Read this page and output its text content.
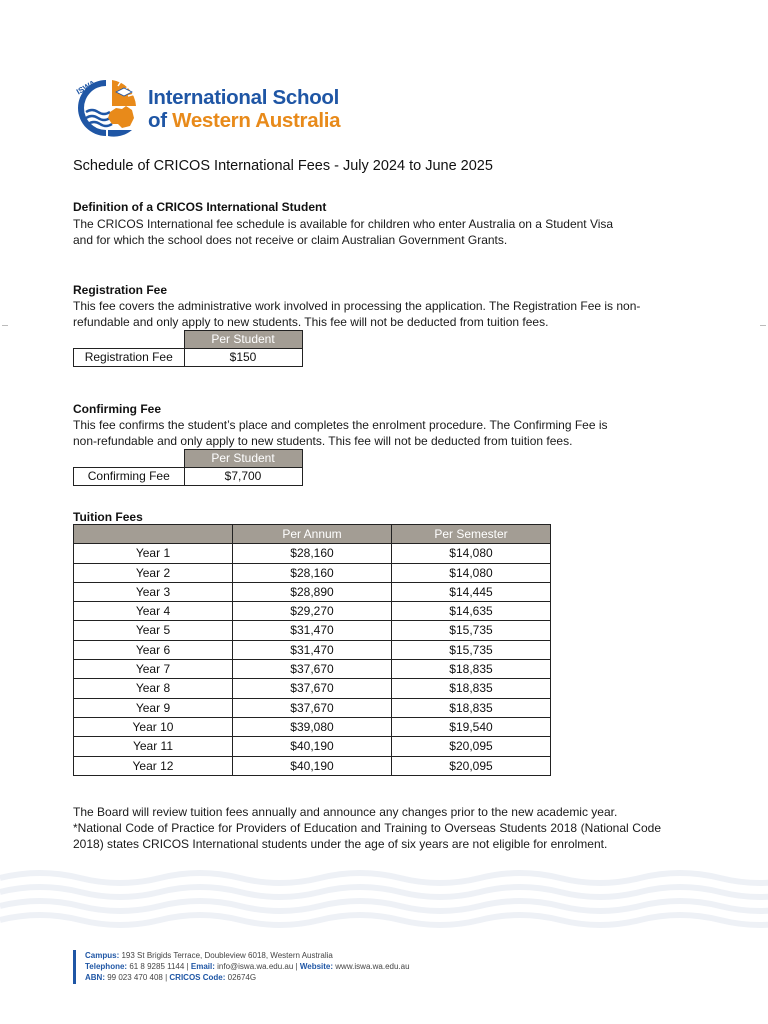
ISWA International School
of Western Australia
Schedule of CRICOS International Fees - July 2024 to June 2025
Definition of a CRICOS International Student
The CRICOS International fee schedule is available for children who enter Australia on a Student Visa
and for which the school does not receive or claim Australian Government Grants.
Registration Fee
This fee covers the administrative work involved in processing the application. The Registration Fee is non-
refundable and only apply to new students. This fee will not be deducted from tuition fees.
	Per Student
Registration Fee	$150
Confirming Fee
This fee confirms the student’s place and completes the enrolment procedure. The Confirming Fee is
non-refundable and only apply to new students. This fee will not be deducted from tuition fees.
	Per Student
Confirming Fee	$7,700
Tuition Fees
	Per Annum	Per Semester
Year 1	$28,160	$14,080
Year 2	$28,160	$14,080
Year 3	$28,890	$14,445
Year 4	$29,270	$14,635
Year 5	$31,470	$15,735
Year 6	$31,470	$15,735
Year 7	$37,670	$18,835
Year 8	$37,670	$18,835
Year 9	$37,670	$18,835
Year 10	$39,080	$19,540
Year 11	$40,190	$20,095
Year 12	$40,190	$20,095
The Board will review tuition fees annually and announce any changes prior to the new academic year.
*National Code of Practice for Providers of Education and Training to Overseas Students 2018 (National Code 2018) states CRICOS International students under the age of six years are not eligible for enrolment.
Campus: 193 St Brigids Terrace, Doubleview 6018, Western Australia
Telephone: 61 8 9285 1144 | Email: info@iswa.wa.edu.au | Website: www.iswa.wa.edu.au
ABN: 99 023 470 408 | CRICOS Code: 02674G
